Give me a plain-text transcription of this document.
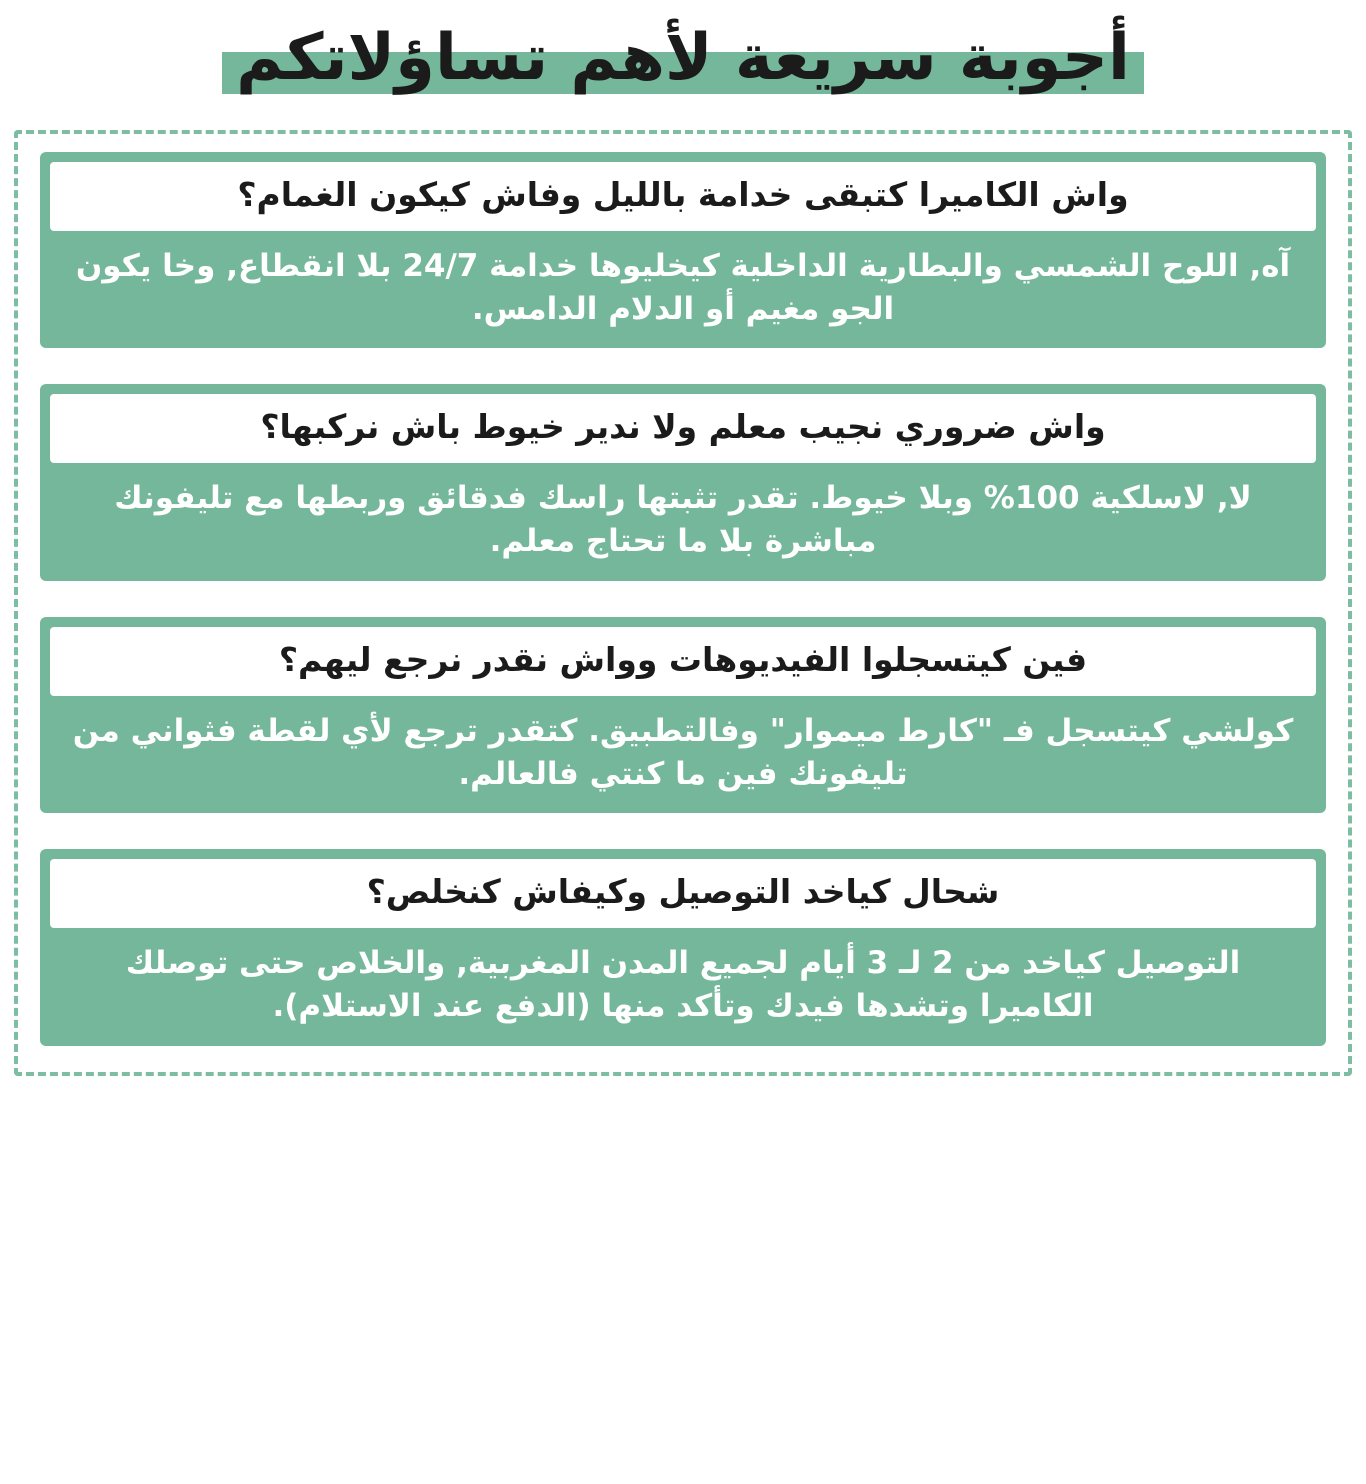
أجوبة سريعة لأهم تساؤلاتكم
واش الكاميرا كتبقى خدامة بالليل وفاش كيكون الغمام؟
آه, اللوح الشمسي والبطارية الداخلية كيخليوها خدامة 24/7 بلا انقطاع, وخا يكون الجو مغيم أو الدلام الدامس.
واش ضروري نجيب معلم ولا ندير خيوط باش نركبها؟
لا, لاسلكية 100% وبلا خيوط. تقدر تثبتها راسك فدقائق وربطها مع تليفونك مباشرة بلا ما تحتاج معلم.
فين كيتسجلوا الفيديوهات وواش نقدر نرجع ليهم؟
كولشي كيتسجل فـ "كارط ميموار" وفالتطبيق. كتقدر ترجع لأي لقطة فثواني من تليفونك فين ما كنتي فالعالم.
شحال كياخد التوصيل وكيفاش كنخلص؟
التوصيل كياخد من 2 لـ 3 أيام لجميع المدن المغربية, والخلاص حتى توصلك الكاميرا وتشدها فيدك وتأكد منها (الدفع عند الاستلام).
